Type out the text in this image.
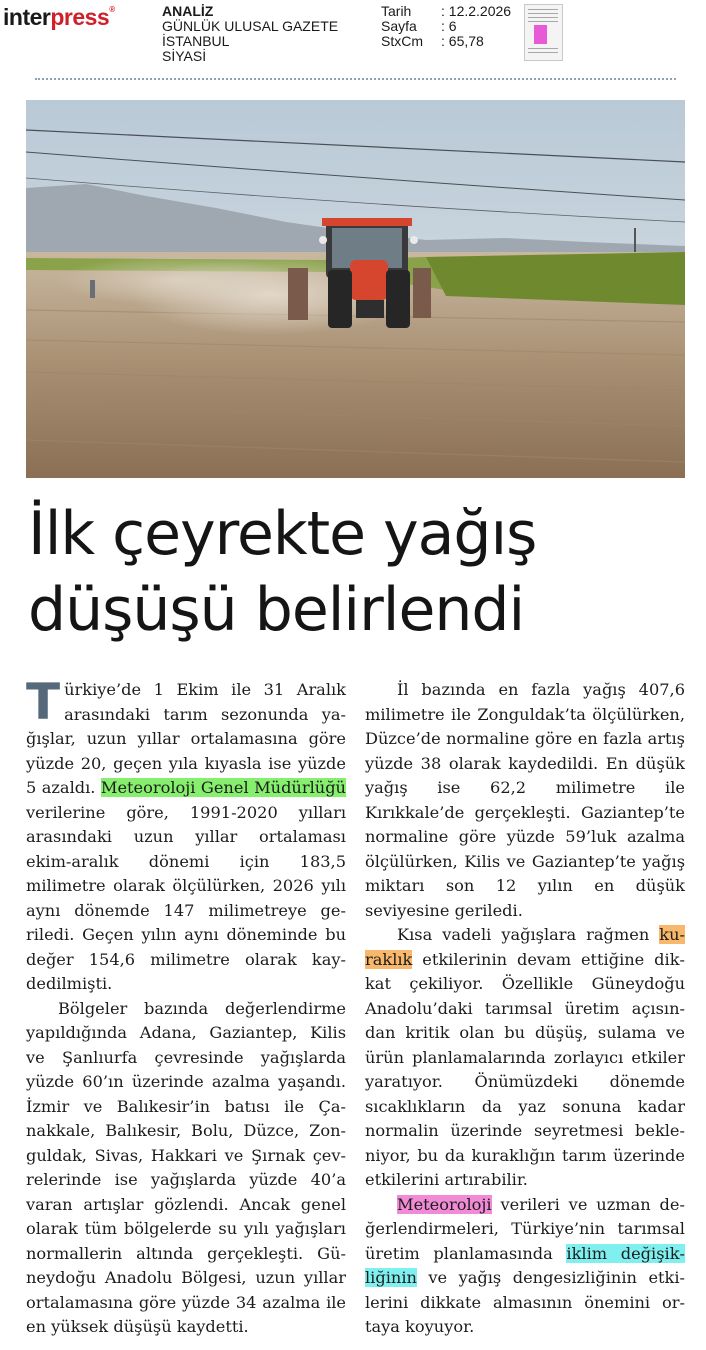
interpress®	ANALİZ
GÜNLÜK ULUSAL GAZETE
İSTANBUL
SİYASİ
Tarih	: 12.2.2026
Sayfa	: 6
StxCm	: 65,78
İlk çeyrekte yağış
düşüşü belirlendi

Türkiye’de 1 Ekim ile 31 Aralık arasındaki tarım sezonunda yağışlar, uzun yıllar ortalamasına göre yüzde 20, geçen yıla kıyasla ise yüzde 5 azaldı. Meteoroloji Genel Müdürlüğü verilerine göre, 1991-2020 yılları arasındaki uzun yıllar ortalaması ekim-aralık dönemi için 183,5 milimetre olarak ölçülürken, 2026 yılı aynı dönemde 147 milimetreye geriledi. Geçen yılın aynı döneminde bu değer 154,6 milimetre olarak kaydedilmişti.

Bölgeler bazında değerlendirme yapıldığında Adana, Gaziantep, Kilis ve Şanlıurfa çevresinde yağışlarda yüzde 60’ın üzerinde azalma yaşandı. İzmir ve Balıkesir’in batısı ile Çanakkale, Balıkesir, Bolu, Düzce, Zonguldak, Sivas, Hakkari ve Şırnak çevrelerinde ise yağışlarda yüzde 40’a varan artışlar gözlendi. Ancak genel olarak tüm bölgelerde su yılı yağışları normallerin altında gerçekleşti. Güneydoğu Anadolu Bölgesi, uzun yıllar ortalamasına göre yüzde 34 azalma ile en yüksek düşüşü kaydetti.

İl bazında en fazla yağış 407,6 milimetre ile Zonguldak’ta ölçülürken, Düzce’de normaline göre en fazla artış yüzde 38 olarak kaydedildi. En düşük yağış ise 62,2 milimetre ile Kırıkkale’de gerçekleşti. Gaziantep’te normaline göre yüzde 59’luk azalma ölçülürken, Kilis ve Gaziantep’te yağış miktarı son 12 yılın en düşük seviyesine geriledi.

Kısa vadeli yağışlara rağmen kuraklık etkilerinin devam ettiğine dikkat çekiliyor. Özellikle Güneydoğu Anadolu’daki tarımsal üretim açısından kritik olan bu düşüş, sulama ve ürün planlamalarında zorlayıcı etkiler yaratıyor. Önümüzdeki dönemde sıcaklıkların da yaz sonuna kadar normalin üzerinde seyretmesi bekleniyor, bu da kuraklığın tarım üzerinde etkilerini artırabilir.

Meteoroloji verileri ve uzman değerlendirmeleri, Türkiye’nin tarımsal üretim planlamasında iklim değişikliğinin ve yağış dengesizliğinin etkilerini dikkate almasının önemini ortaya koyuyor.
